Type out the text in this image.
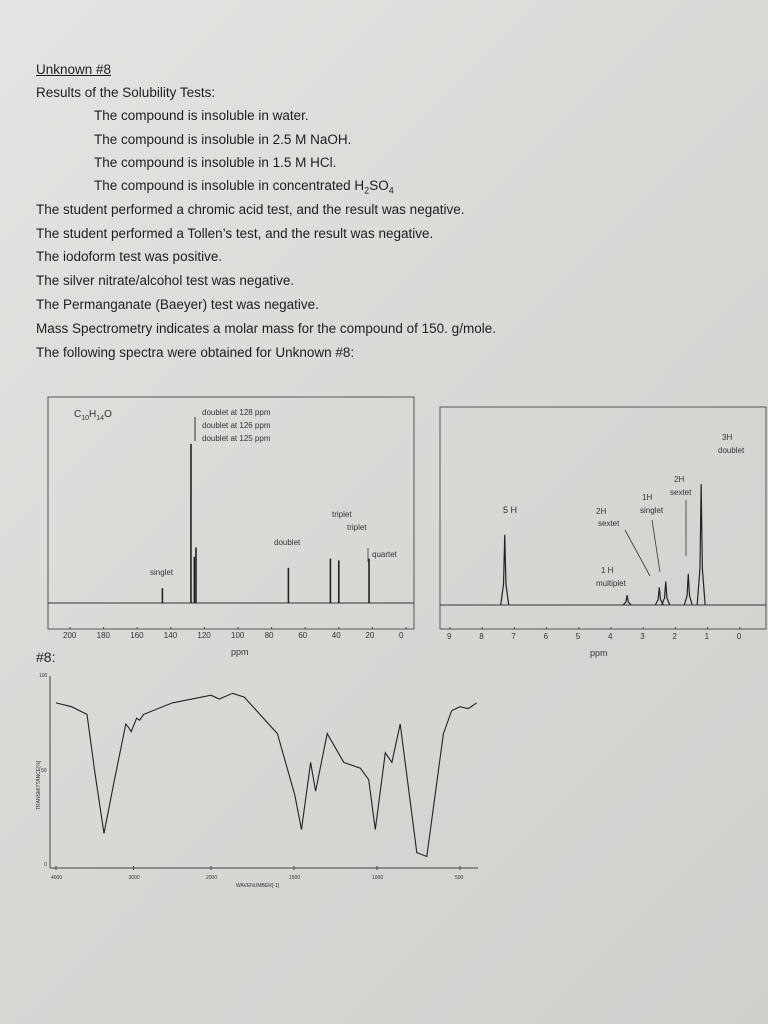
Unknown #8
Results of the Solubility Tests:
The compound is insoluble in water.
The compound is insoluble in 2.5 M NaOH.
The compound is insoluble in 1.5 M HCl.
The compound is insoluble in concentrated $H_2SO_4$
The student performed a chromic acid test, and the result was negative.
The student performed a Tollen’s test, and the result was negative.
The iodoform test was positive.
The silver nitrate/alcohol test was negative.
The Permanganate (Baeyer) test was negative.
Mass Spectrometry indicates a molar mass for the compound of 150. g/mole.
The following spectra were obtained for Unknown #8:
#8:
$C_{10}H_{14}O$	doublet at 128 ppm
doublet at 126 ppm
doublet at 125 ppm
singlet
doublet
triplet
triplet
quartet
200	180	160	140	120	100	80	60	40	20	0
ppm
5 H	2H
sextet
1H
singlet
2H
sextet
3H
doublet
1 H
multiplet
9	8	7	6	5	4	3	2	1	0
ppm
100
50
0
TRANSMITTANCE[%]
WAVENUMBER[-1]
4000	3000	2000	1500	1000	500
